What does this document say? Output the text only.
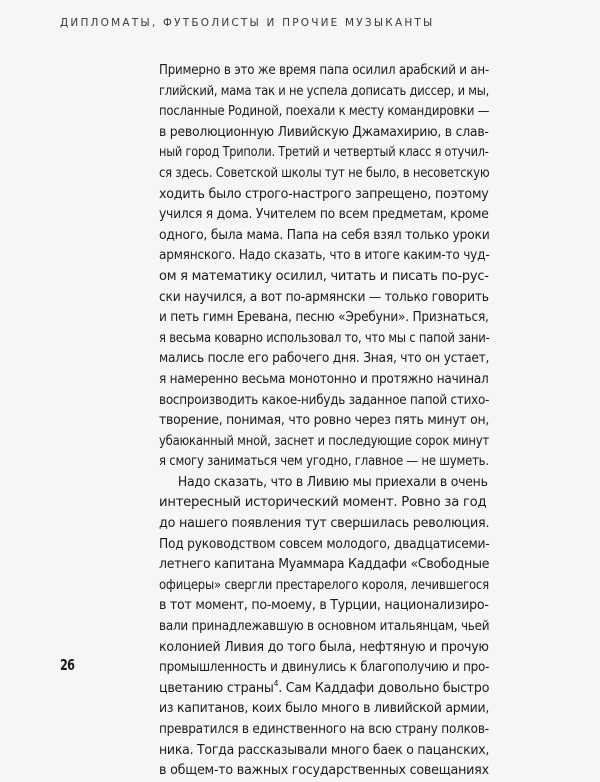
ДИПЛОМАТЫ, ФУТБОЛИСТЫ И ПРОЧИЕ МУЗЫКАНТЫ
Примерно в это же время папа осилил арабский и ан-
глийский, мама так и не успела дописать диссер, и мы,
посланные Родиной, поехали к месту командировки —
в революционную Ливийскую Джамахирию, в слав-
ный город Триполи. Третий и четвертый класс я отучил-
ся здесь. Советской школы тут не было, в несоветскую
ходить было строго-настрого запрещено, поэтому
учился я дома. Учителем по всем предметам, кроме
одного, была мама. Папа на себя взял только уроки
армянского. Надо сказать, что в итоге каким-то чуд-
ом я математику осилил, читать и писать по-рус-
ски научился, а вот по-армянски — только говорить
и петь гимн Еревана, песню «Эребуни». Признаться,
я весьма коварно использовал то, что мы с папой зани-
мались после его рабочего дня. Зная, что он устает,
я намеренно весьма монотонно и протяжно начинал
воспроизводить какое-нибудь заданное папой стихо-
творение, понимая, что ровно через пять минут он,
убаюканный мной, заснет и последующие сорок минут
я смогу заниматься чем угодно, главное — не шуметь.
Надо сказать, что в Ливию мы приехали в очень
интересный исторический момент. Ровно за год
до нашего появления тут свершилась революция.
Под руководством совсем молодого, двадцатисеми-
летнего капитана Муаммара Каддафи «Свободные
офицеры» свергли престарелого короля, лечившегося
в тот момент, по-моему, в Турции, национализиро-
вали принадлежавшую в основном итальянцам, чьей
колонией Ливия до того была, нефтяную и прочую
промышленность и двинулись к благополучию и про-
цветанию страны$^4$. Сам Каддафи довольно быстро
из капитанов, коих было много в ливийской армии,
превратился в единственного на всю страну полков-
ника. Тогда рассказывали много баек о пацанских,
в общем-то важных государственных совещаниях
26
